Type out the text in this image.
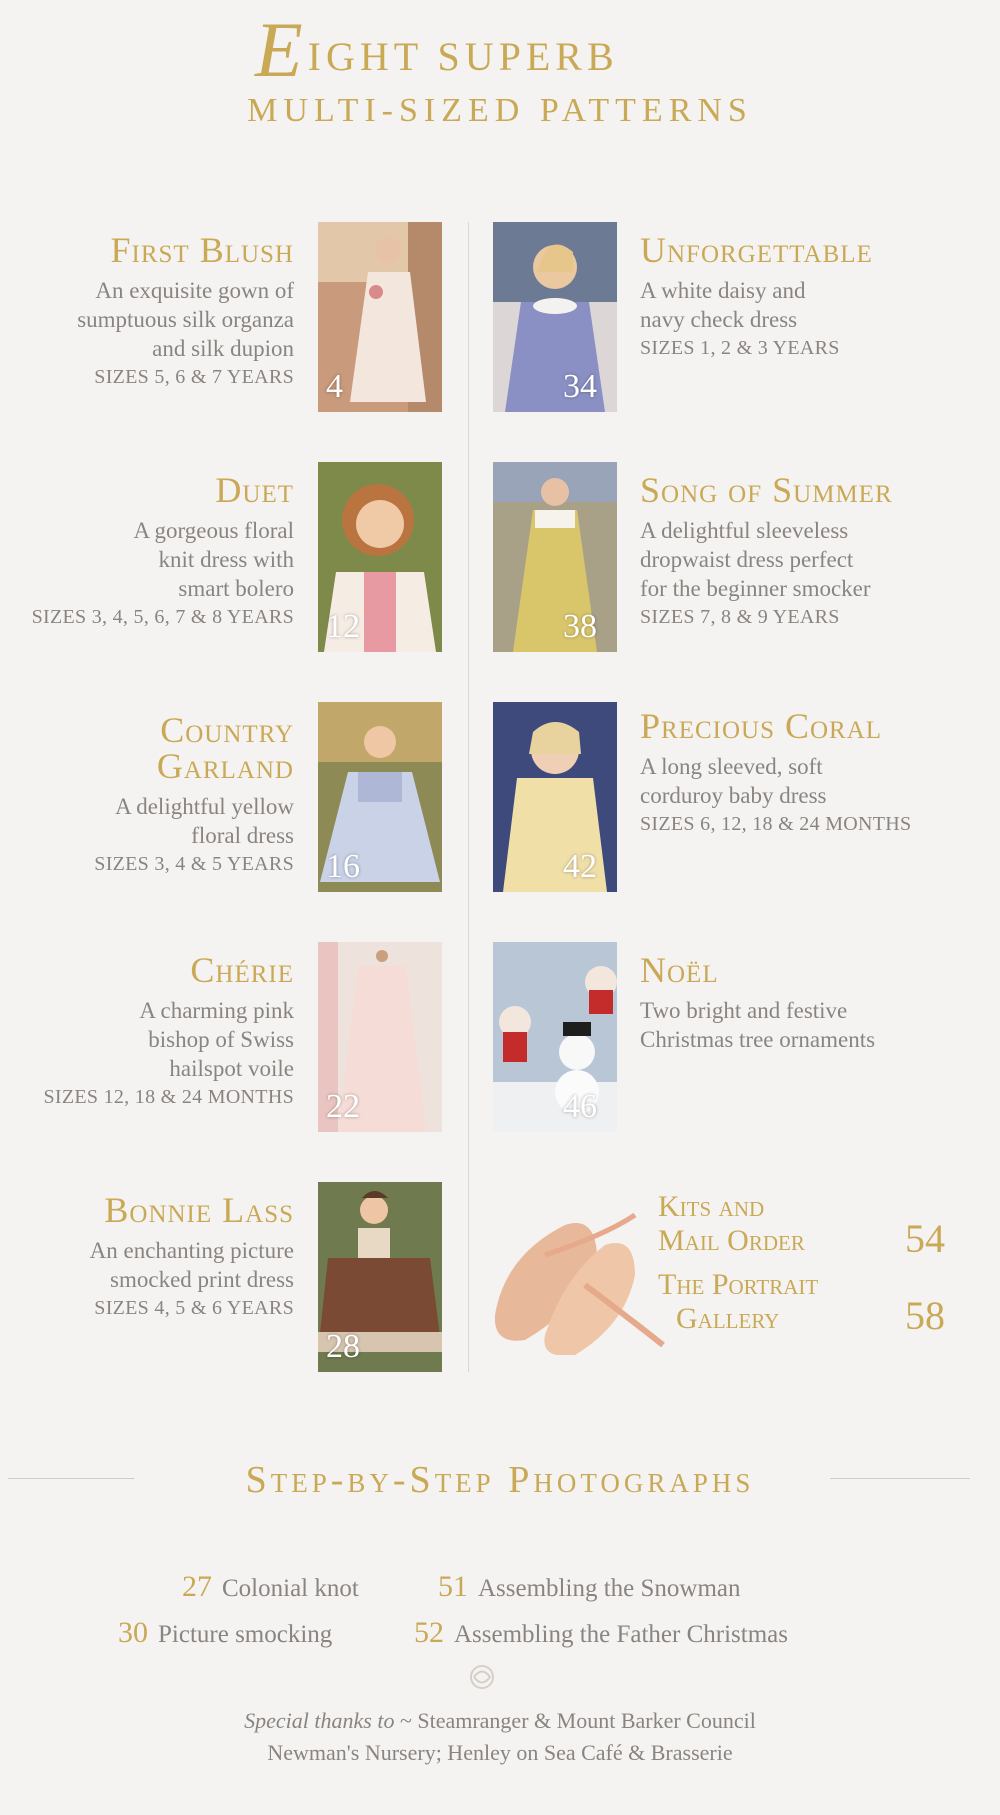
EIGHT SUPERB
MULTI-SIZED PATTERNS
First Blush
An exquisite gown of
sumptuous silk organza
and silk dupion
SIZES 5, 6 & 7 YEARS 4	34
Unforgettable
A white daisy and
navy check dress
SIZES 1, 2 & 3 YEARS
Duet
A gorgeous floral
knit dress with
smart bolero
SIZES 3, 4, 5, 6, 7 & 8 YEARS 12	38
Song of Summer
A delightful sleeveless
dropwaist dress perfect
for the beginner smocker
SIZES 7, 8 & 9 YEARS
Country
Garland
A delightful yellow
floral dress
SIZES 3, 4 & 5 YEARS 16	42
Precious Coral
A long sleeved, soft
corduroy baby dress
SIZES 6, 12, 18 & 24 MONTHS
Chérie
A charming pink
bishop of Swiss
hailspot voile
SIZES 12, 18 & 24 MONTHS 22	46
Noël
Two bright and festive
Christmas tree ornaments
Bonnie Lass
An enchanting picture
smocked print dress
SIZES 4, 5 & 6 YEARS
28
Kits and
Mail Order	54
The Portrait
Gallery	58
Step-by-Step Photographs
27 Colonial knot	51 Assembling the Snowman
30 Picture smocking	52 Assembling the Father Christmas
Special thanks to ~ Steamranger & Mount Barker Council
Newman's Nursery; Henley on Sea Café & Brasserie
